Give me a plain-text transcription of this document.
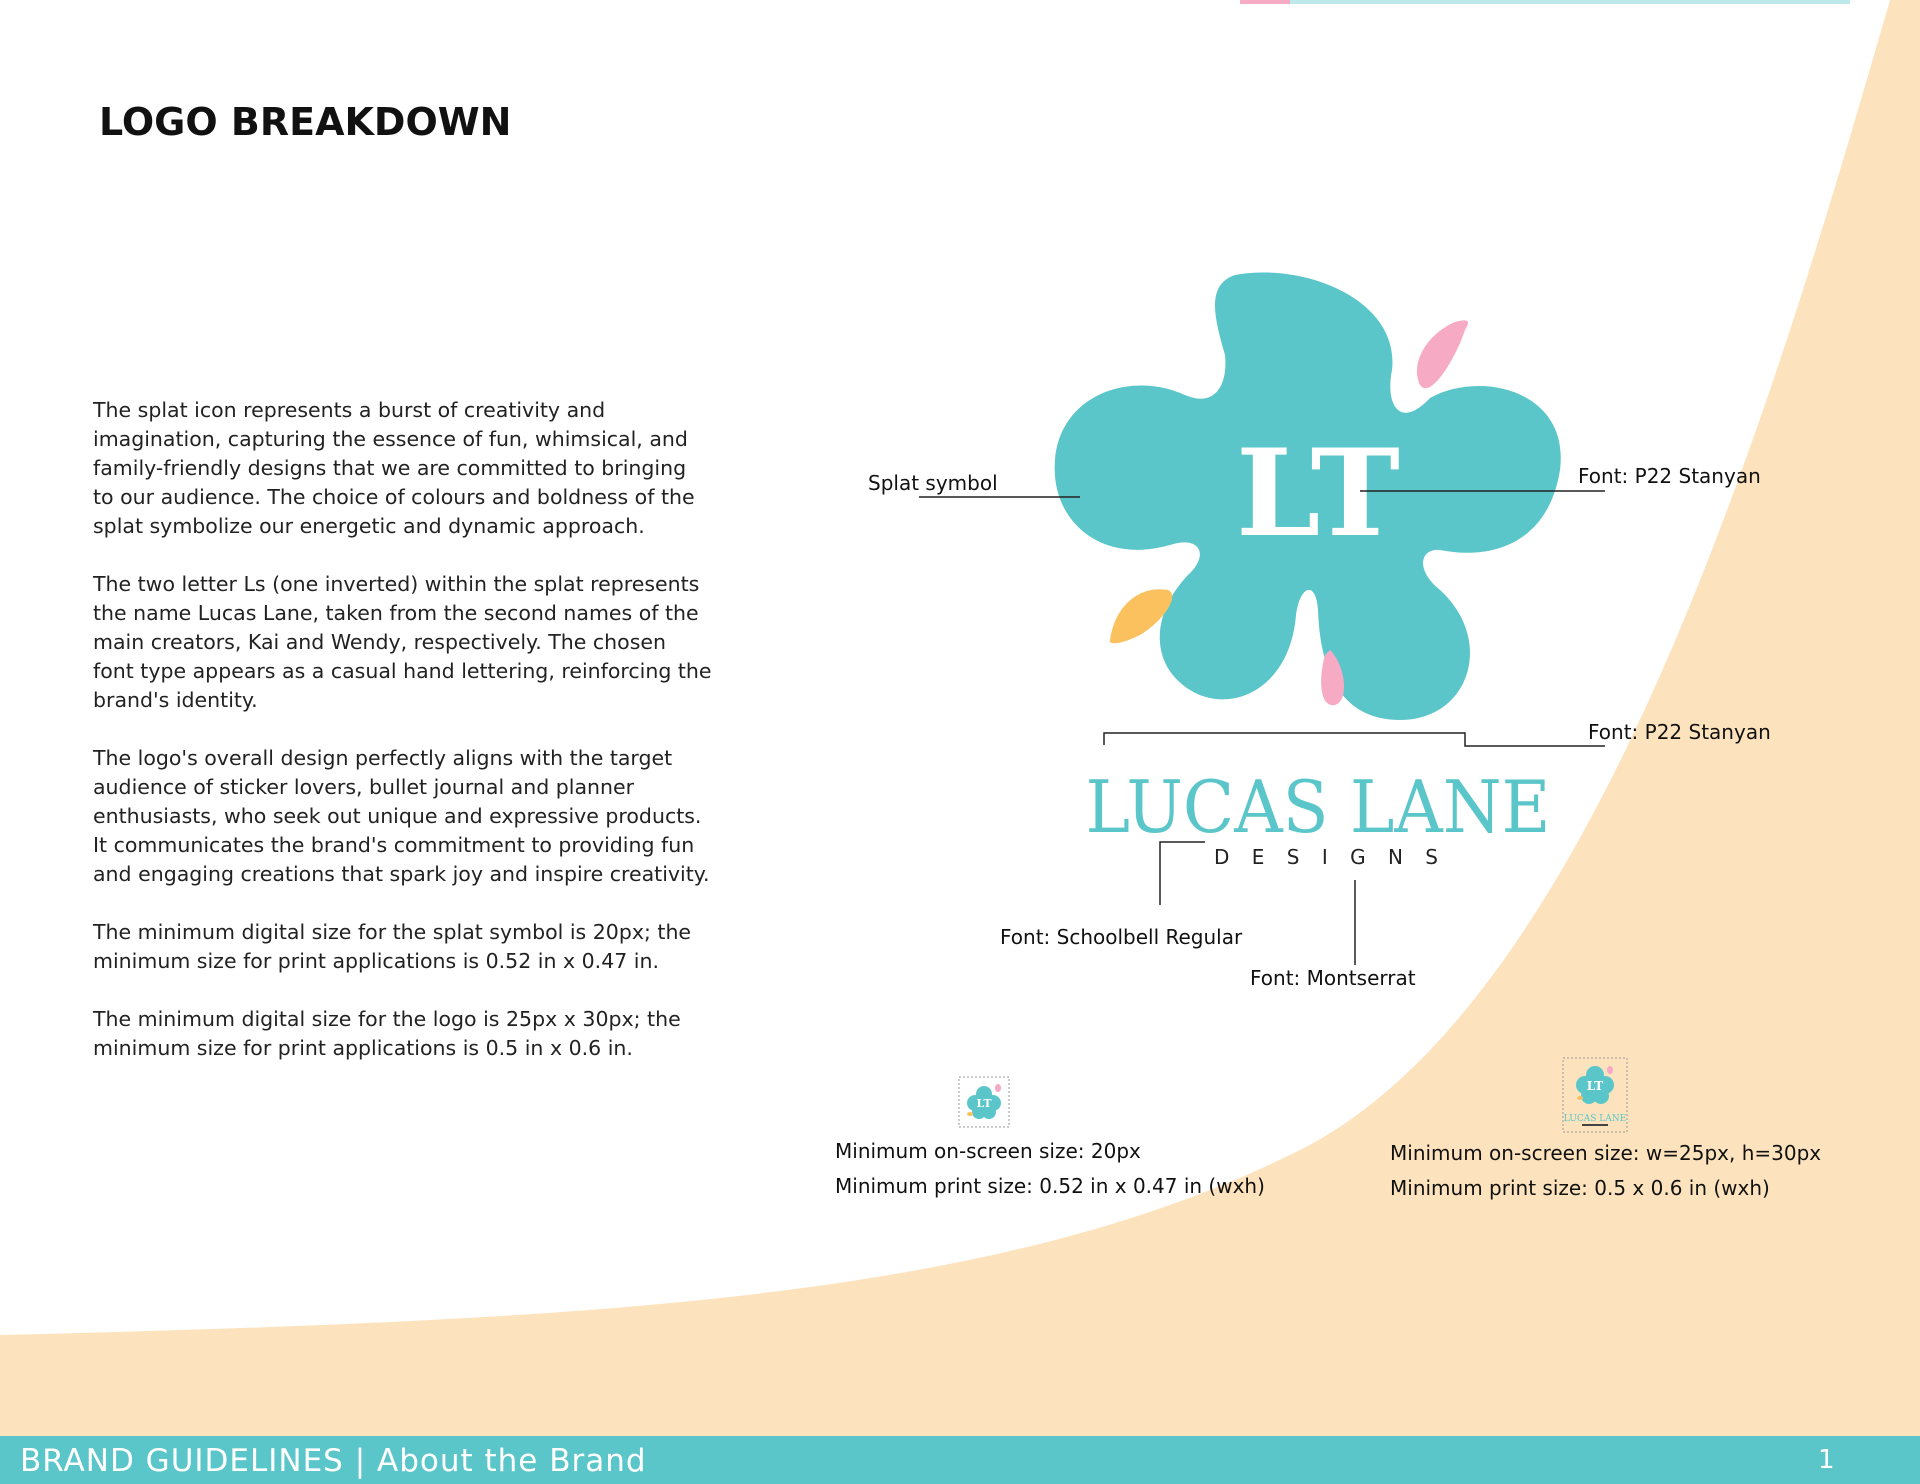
LOGO BREAKDOWN

The splat icon represents a burst of creativity and imagination, capturing the essence of fun, whimsical, and family-friendly designs that we are committed to bringing to our audience. The choice of colours and boldness of the splat symbolize our energetic and dynamic approach.

The two letter Ls (one inverted) within the splat represents the name Lucas Lane, taken from the second names of the main creators, Kai and Wendy, respectively. The chosen font type appears as a casual hand lettering, reinforcing the brand's identity.

The logo's overall design perfectly aligns with the target audience of sticker lovers, bullet journal and planner enthusiasts, who seek out unique and expressive products. It communicates the brand's commitment to providing fun and engaging creations that spark joy and inspire creativity.

The minimum digital size for the splat symbol is 20px; the minimum size for print applications is 0.52 in x 0.47 in.

The minimum digital size for the logo is 25px x 30px; the minimum size for print applications is 0.5 in x 0.6 in.

LT
LUCAS LANE
D E S I G N S
Splat symbol	Font: P22 Stanyan
Font: P22 Stanyan
Font: Schoolbell Regular
Font: Montserrat
LT
LT
LUCAS LANE
Minimum on-screen size: 20px
Minimum print size: 0.52 in x 0.47 in (wxh)
Minimum on-screen size: w=25px, h=30px
Minimum print size: 0.5 x 0.6 in (wxh)
BRAND GUIDELINES | About the Brand	1
